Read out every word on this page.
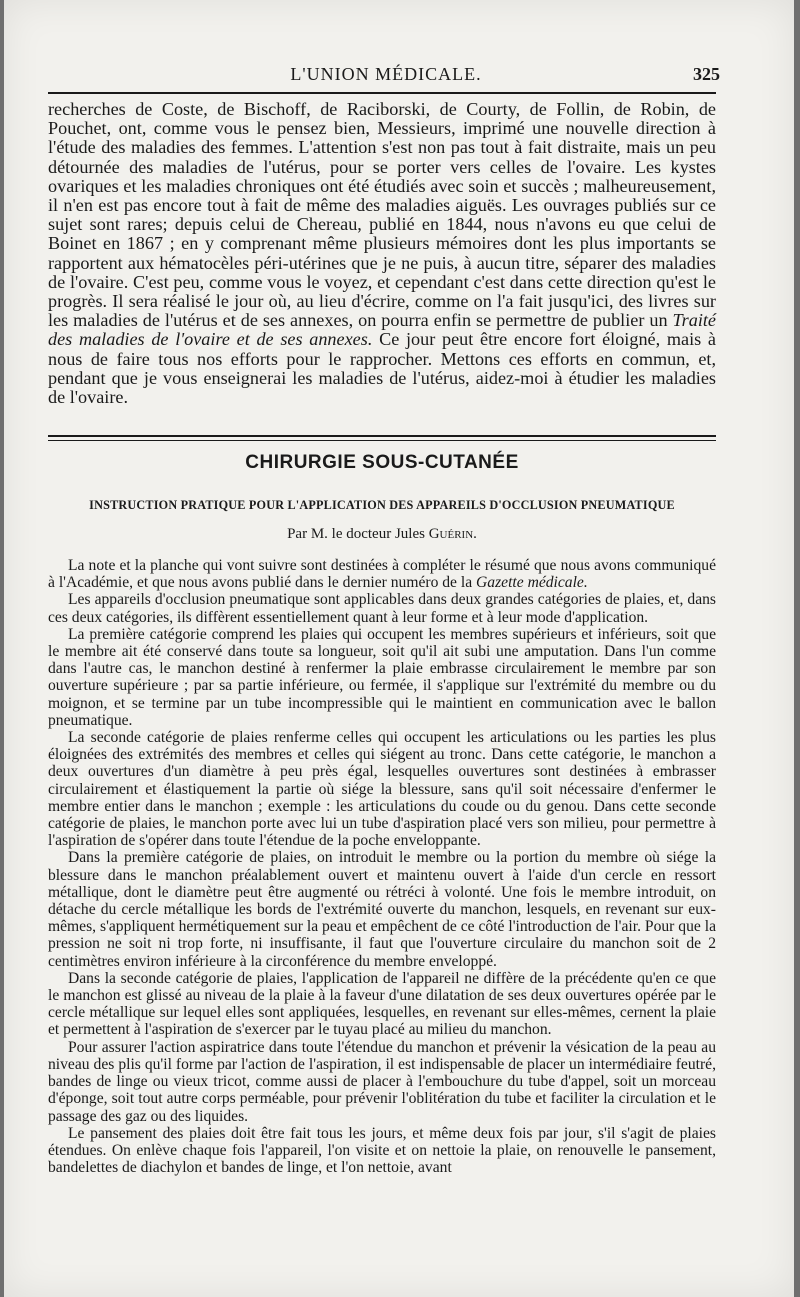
L'UNION MÉDICALE.	325

recherches de Coste, de Bischoff, de Raciborski, de Courty, de Follin, de Robin, de Pouchet, ont, comme vous le pensez bien, Messieurs, imprimé une nouvelle direction à l'étude des maladies des femmes. L'attention s'est non pas tout à fait distraite, mais un peu détournée des maladies de l'utérus, pour se porter vers celles de l'ovaire. Les kystes ovariques et les maladies chroniques ont été étudiés avec soin et succès ; malheureusement, il n'en est pas encore tout à fait de même des maladies aiguës. Les ouvrages publiés sur ce sujet sont rares; depuis celui de Chereau, publié en 1844, nous n'avons eu que celui de Boinet en 1867 ; en y comprenant même plusieurs mémoires dont les plus importants se rapportent aux hématocèles péri-utérines que je ne puis, à aucun titre, séparer des maladies de l'ovaire. C'est peu, comme vous le voyez, et cependant c'est dans cette direction qu'est le progrès. Il sera réalisé le jour où, au lieu d'écrire, comme on l'a fait jusqu'ici, des livres sur les maladies de l'utérus et de ses annexes, on pourra enfin se permettre de publier un Traité des maladies de l'ovaire et de ses annexes. Ce jour peut être encore fort éloigné, mais à nous de faire tous nos efforts pour le rapprocher. Mettons ces efforts en commun, et, pendant que je vous enseignerai les maladies de l'utérus, aidez-moi à étudier les maladies de l'ovaire.

CHIRURGIE SOUS-CUTANÉE
INSTRUCTION PRATIQUE POUR L'APPLICATION DES APPAREILS D'OCCLUSION PNEUMATIQUE
Par M. le docteur Jules Guérin.

La note et la planche qui vont suivre sont destinées à compléter le résumé que nous avons communiqué à l'Académie, et que nous avons publié dans le dernier numéro de la Gazette médicale.

Les appareils d'occlusion pneumatique sont applicables dans deux grandes catégories de plaies, et, dans ces deux catégories, ils diffèrent essentiellement quant à leur forme et à leur mode d'application.

La première catégorie comprend les plaies qui occupent les membres supérieurs et inférieurs, soit que le membre ait été conservé dans toute sa longueur, soit qu'il ait subi une amputation. Dans l'un comme dans l'autre cas, le manchon destiné à renfermer la plaie embrasse circulairement le membre par son ouverture supérieure ; par sa partie inférieure, ou fermée, il s'applique sur l'extrémité du membre ou du moignon, et se termine par un tube incompressible qui le maintient en communication avec le ballon pneumatique.

La seconde catégorie de plaies renferme celles qui occupent les articulations ou les parties les plus éloignées des extrémités des membres et celles qui siégent au tronc. Dans cette catégorie, le manchon a deux ouvertures d'un diamètre à peu près égal, lesquelles ouvertures sont destinées à embrasser circulairement et élastiquement la partie où siége la blessure, sans qu'il soit nécessaire d'enfermer le membre entier dans le manchon ; exemple : les articulations du coude ou du genou. Dans cette seconde catégorie de plaies, le manchon porte avec lui un tube d'aspiration placé vers son milieu, pour permettre à l'aspiration de s'opérer dans toute l'étendue de la poche enveloppante.

Dans la première catégorie de plaies, on introduit le membre ou la portion du membre où siége la blessure dans le manchon préalablement ouvert et maintenu ouvert à l'aide d'un cercle en ressort métallique, dont le diamètre peut être augmenté ou rétréci à volonté. Une fois le membre introduit, on détache du cercle métallique les bords de l'extrémité ouverte du manchon, lesquels, en revenant sur eux-mêmes, s'appliquent hermétiquement sur la peau et empêchent de ce côté l'introduction de l'air. Pour que la pression ne soit ni trop forte, ni insuffisante, il faut que l'ouverture circulaire du manchon soit de 2 centimètres environ inférieure à la circonférence du membre enveloppé.

Dans la seconde catégorie de plaies, l'application de l'appareil ne diffère de la précédente qu'en ce que le manchon est glissé au niveau de la plaie à la faveur d'une dilatation de ses deux ouvertures opérée par le cercle métallique sur lequel elles sont appliquées, lesquelles, en revenant sur elles-mêmes, cernent la plaie et permettent à l'aspiration de s'exercer par le tuyau placé au milieu du manchon.

Pour assurer l'action aspiratrice dans toute l'étendue du manchon et prévenir la vésication de la peau au niveau des plis qu'il forme par l'action de l'aspiration, il est indispensable de placer un intermédiaire feutré, bandes de linge ou vieux tricot, comme aussi de placer à l'embouchure du tube d'appel, soit un morceau d'éponge, soit tout autre corps perméable, pour prévenir l'oblitération du tube et faciliter la circulation et le passage des gaz ou des liquides.

Le pansement des plaies doit être fait tous les jours, et même deux fois par jour, s'il s'agit de plaies étendues. On enlève chaque fois l'appareil, l'on visite et on nettoie la plaie, on renouvelle le pansement, bandelettes de diachylon et bandes de linge, et l'on nettoie, avant
